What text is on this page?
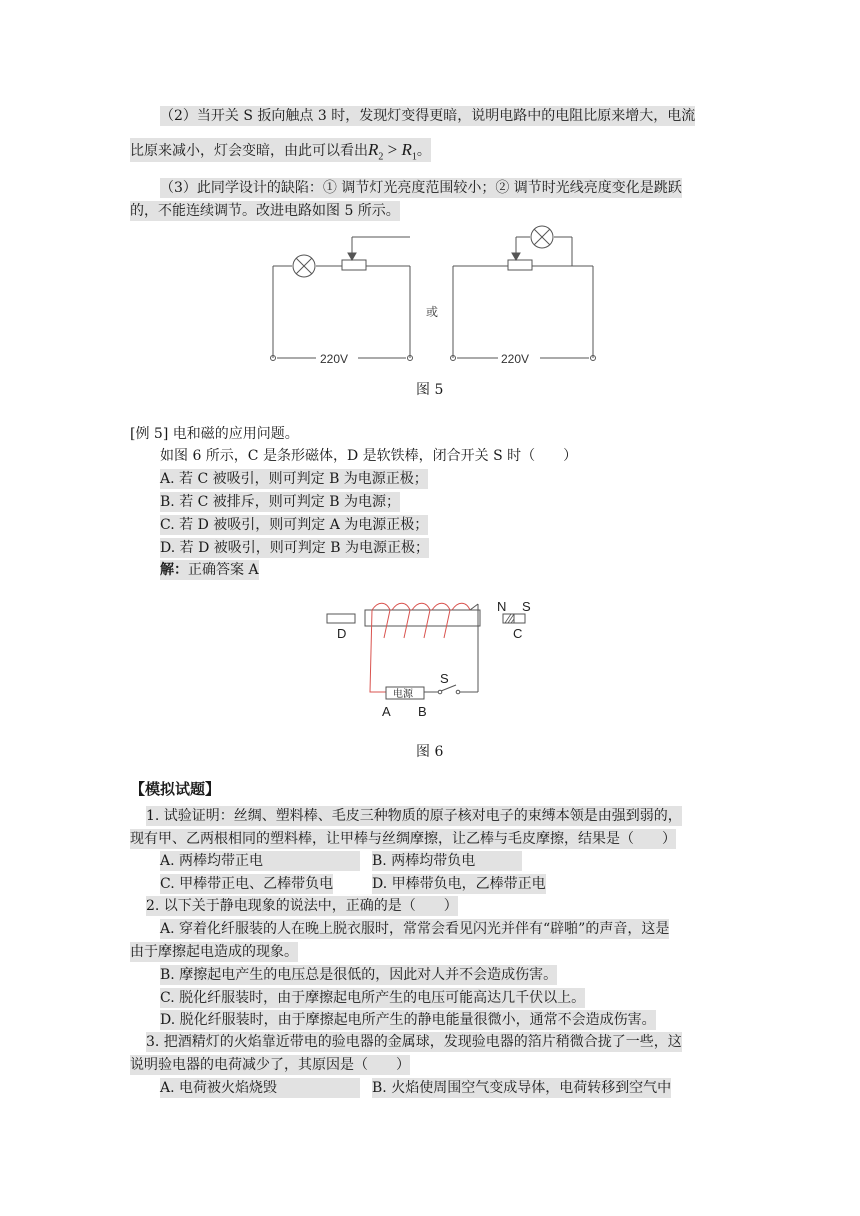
（2）当开关 S 扳向触点 3 时，发现灯变得更暗，说明电路中的电阻比原来增大，电流
比原来减小，灯会变暗，由此可以看出$R_2 > R_1$。
（3）此同学设计的缺陷：① 调节灯光亮度范围较小；② 调节时光线亮度变化是跳跃
的，不能连续调节。改进电路如图 5 所示。
220V	220V
或
图 5
[例 5] 电和磁的应用问题。
如图 6 所示，C 是条形磁体，D 是软铁棒，闭合开关 S 时（　　）
A. 若 C 被吸引，则可判定 B 为电源正极；
B. 若 C 被排斥，则可判定 B 为电源；
C. 若 D 被吸引，则可判定 A 为电源正极；
D. 若 D 被吸引，则可判定 B 为电源正极；
解：正确答案 A
N S
C
D
电源
S
A B
图 6
【模拟试题】
1. 试验证明：丝绸、塑料棒、毛皮三种物质的原子核对电子的束缚本领是由强到弱的，
现有甲、乙两根相同的塑料棒，让甲棒与丝绸摩擦，让乙棒与毛皮摩擦，结果是（　　）
A. 两棒均带正电	B. 两棒均带负电
C. 甲棒带正电、乙棒带负电	D. 甲棒带负电，乙棒带正电
2. 以下关于静电现象的说法中，正确的是（　　）
A. 穿着化纤服装的人在晚上脱衣服时，常常会看见闪光并伴有“辟啪”的声音，这是
由于摩擦起电造成的现象。
B. 摩擦起电产生的电压总是很低的，因此对人并不会造成伤害。
C. 脱化纤服装时，由于摩擦起电所产生的电压可能高达几千伏以上。
D. 脱化纤服装时，由于摩擦起电所产生的静电能量很微小，通常不会造成伤害。
3. 把酒精灯的火焰靠近带电的验电器的金属球，发现验电器的箔片稍微合拢了一些，这
说明验电器的电荷减少了，其原因是（　　）
A. 电荷被火焰烧毁	B. 火焰使周围空气变成导体，电荷转移到空气中
